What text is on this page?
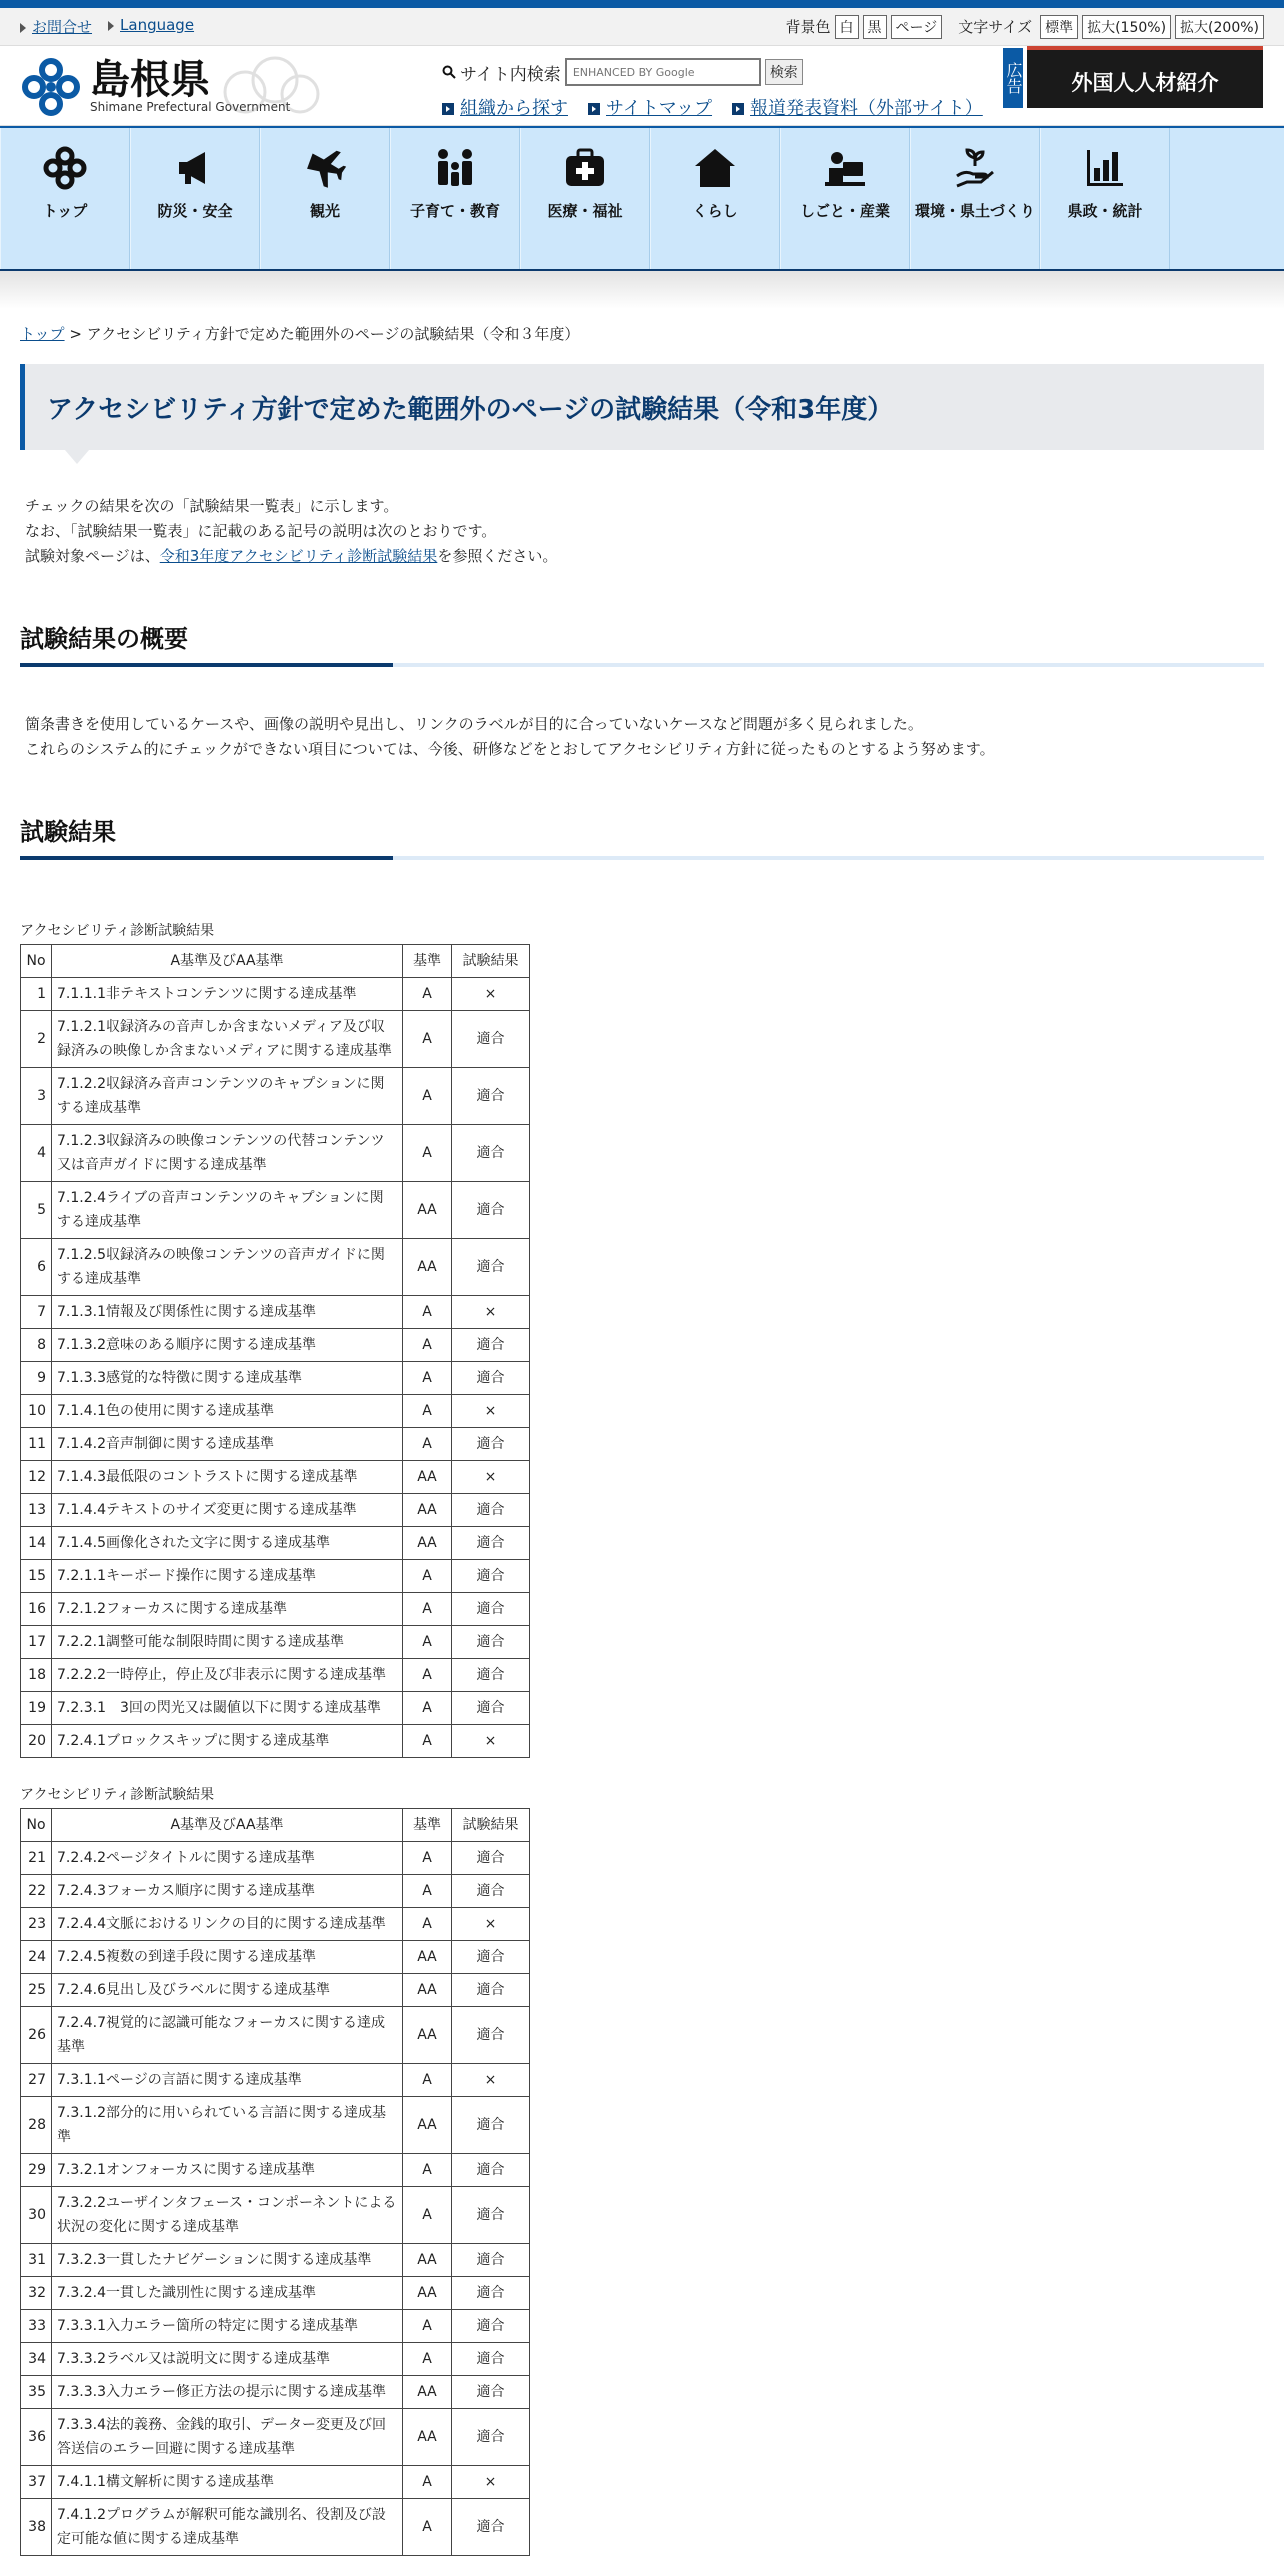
お問合せ	Language	背景色 白	黒	ページ	文字サイズ 標準	拡大(150%)	拡大(200%)
島根県
Shimane Prefectural Government
サイト内検索
ENHANCED BY Google	検索
組織から探す	サイトマップ	報道発表資料（外部サイト）
広告 外国人人材紹介
トップ	防災・安全	観光	子育て・教育	医療・福祉	くらし	しごと・産業 環境・県土づくり 県政・統計
トップ > アクセシビリティ方針で定めた範囲外のページの試験結果（令和３年度）
アクセシビリティ方針で定めた範囲外のページの試験結果（令和3年度）
チェックの結果を次の「試験結果一覧表」に示します。
なお、「試験結果一覧表」に記載のある記号の説明は次のとおりです。
試験対象ページは、令和3年度アクセシビリティ診断試験結果を参照ください。
試験結果の概要
箇条書きを使用しているケースや、画像の説明や見出し、リンクのラベルが目的に合っていないケースなど問題が多く見られました。
これらのシステム的にチェックができない項目については、今後、研修などをとおしてアクセシビリティ方針に従ったものとするよう努めます。
試験結果
アクセシビリティ診断試験結果
No	A基準及びAA基準	基準	試験結果
1	7.1.1.1非テキストコンテンツに関する達成基準	A	×
2	7.1.2.1収録済みの音声しか含まないメディア及び収録済みの映像しか含まないメディアに関する達成基準	A	適合
3	7.1.2.2収録済み音声コンテンツのキャプションに関する達成基準	A	適合
4	7.1.2.3収録済みの映像コンテンツの代替コンテンツ又は音声ガイドに関する達成基準	A	適合
5	7.1.2.4ライブの音声コンテンツのキャプションに関する達成基準	AA	適合
6	7.1.2.5収録済みの映像コンテンツの音声ガイドに関する達成基準	AA	適合
7	7.1.3.1情報及び関係性に関する達成基準	A	×
8	7.1.3.2意味のある順序に関する達成基準	A	適合
9	7.1.3.3感覚的な特徴に関する達成基準	A	適合
10	7.1.4.1色の使用に関する達成基準	A	×
11	7.1.4.2音声制御に関する達成基準	A	適合
12	7.1.4.3最低限のコントラストに関する達成基準	AA	×
13	7.1.4.4テキストのサイズ変更に関する達成基準	AA	適合
14	7.1.4.5画像化された文字に関する達成基準	AA	適合
15	7.2.1.1キーボード操作に関する達成基準	A	適合
16	7.2.1.2フォーカスに関する達成基準	A	適合
17	7.2.2.1調整可能な制限時間に関する達成基準	A	適合
18	7.2.2.2一時停止，停止及び非表示に関する達成基準	A	適合
19	7.2.3.1　3回の閃光又は閾値以下に関する達成基準	A	適合
20	7.2.4.1ブロックスキップに関する達成基準	A	×
アクセシビリティ診断試験結果
No	A基準及びAA基準	基準	試験結果
21	7.2.4.2ページタイトルに関する達成基準	A	適合
22	7.2.4.3フォーカス順序に関する達成基準	A	適合
23	7.2.4.4文脈におけるリンクの目的に関する達成基準	A	×
24	7.2.4.5複数の到達手段に関する達成基準	AA	適合
25	7.2.4.6見出し及びラベルに関する達成基準	AA	適合
26	7.2.4.7視覚的に認識可能なフォーカスに関する達成基準	AA	適合
27	7.3.1.1ページの言語に関する達成基準	A	×
28	7.3.1.2部分的に用いられている言語に関する達成基準	AA	適合
29	7.3.2.1オンフォーカスに関する達成基準	A	適合
30	7.3.2.2ユーザインタフェース・コンポーネントによる状況の変化に関する達成基準	A	適合
31	7.3.2.3一貫したナビゲーションに関する達成基準	AA	適合
32	7.3.2.4一貫した識別性に関する達成基準	AA	適合
33	7.3.3.1入力エラー箇所の特定に関する達成基準	A	適合
34	7.3.3.2ラベル又は説明文に関する達成基準	A	適合
35	7.3.3.3入力エラー修正方法の提示に関する達成基準	AA	適合
36	7.3.3.4法的義務、金銭的取引、データー変更及び回答送信のエラー回避に関する達成基準	AA	適合
37	7.4.1.1構文解析に関する達成基準	A	×
38	7.4.1.2プログラムが解釈可能な識別名、役割及び設定可能な値に関する達成基準	A	適合
